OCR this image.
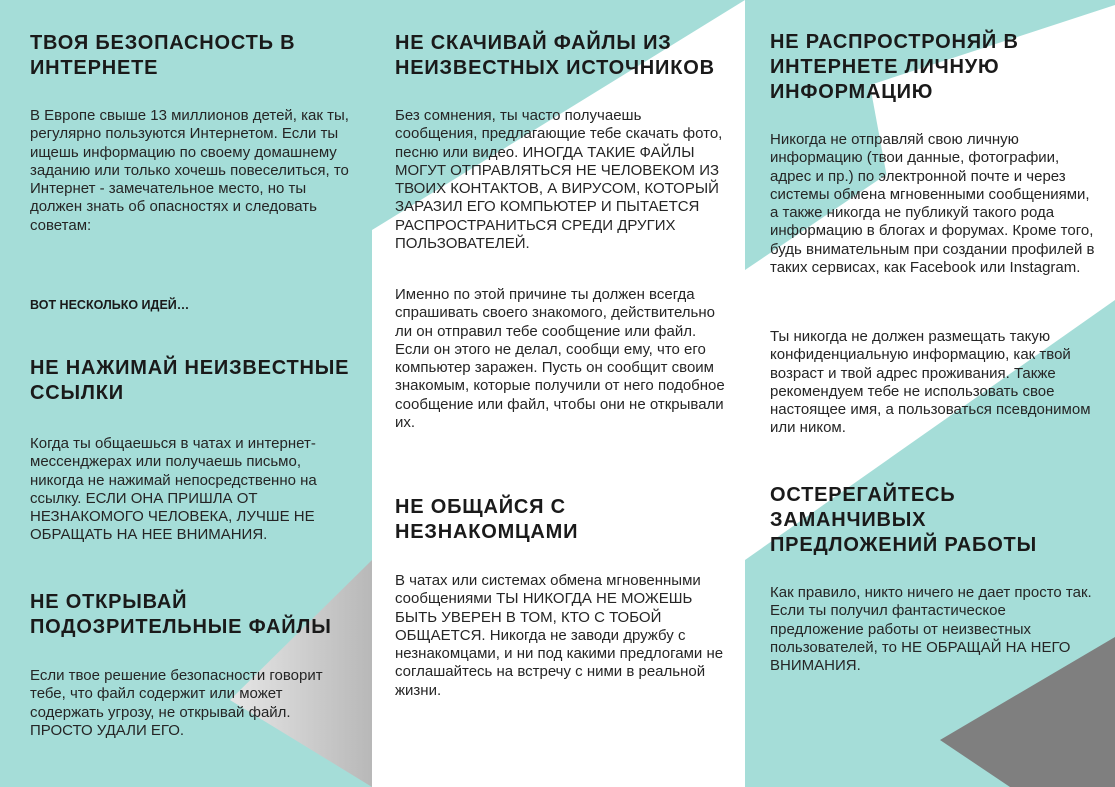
ТВОЯ БЕЗОПАСНОСТЬ В ИНТЕРНЕТЕ

В Европе свыше 13 миллионов детей, как ты, регулярно пользуются Интернетом. Если ты ищешь информацию по своему домашнему заданию или только хочешь повеселиться, то Интернет - замечательное место, но ты должен знать об опасностях и следовать советам:

ВОТ НЕСКОЛЬКО ИДЕЙ…
НЕ НАЖИМАЙ НЕИЗВЕСТНЫЕ ССЫЛКИ

Когда ты общаешься в чатах и интернет-мессенджерах или получаешь письмо, никогда не нажимай непосредственно на ссылку. ЕСЛИ ОНА ПРИШЛА ОТ НЕЗНАКОМОГО ЧЕЛОВЕКА, ЛУЧШЕ НЕ ОБРАЩАТЬ НА НЕЕ ВНИМАНИЯ.

НЕ ОТКРЫВАЙ ПОДОЗРИТЕЛЬНЫЕ ФАЙЛЫ

Если твое решение безопасности говорит тебе, что файл содержит или может содержать угрозу, не открывай файл. ПРОСТО УДАЛИ ЕГО.

НЕ СКАЧИВАЙ ФАЙЛЫ ИЗ НЕИЗВЕСТНЫХ ИСТОЧНИКОВ

Без сомнения, ты часто получаешь сообщения, предлагающие тебе скачать фото, песню или видео. ИНОГДА ТАКИЕ ФАЙЛЫ МОГУТ ОТПРАВЛЯТЬСЯ НЕ ЧЕЛОВЕКОМ ИЗ ТВОИХ КОНТАКТОВ, А ВИРУСОМ, КОТОРЫЙ ЗАРАЗИЛ ЕГО КОМПЬЮТЕР И ПЫТАЕТСЯ РАСПРОСТРАНИТЬСЯ СРЕДИ ДРУГИХ ПОЛЬЗОВАТЕЛЕЙ.

Именно по этой причине ты должен всегда спрашивать своего знакомого, действительно ли он отправил тебе сообщение или файл. Если он этого не делал, сообщи ему, что его компьютер заражен. Пусть он сообщит своим знакомым, которые получили от него подобное сообщение или файл, чтобы они не открывали их.

НЕ ОБЩАЙСЯ С НЕЗНАКОМЦАМИ

В чатах или системах обмена мгновенными сообщениями ТЫ НИКОГДА НЕ МОЖЕШЬ БЫТЬ УВЕРЕН В ТОМ, КТО С ТОБОЙ ОБЩАЕТСЯ. Никогда не заводи дружбу с незнакомцами, и ни под какими предлогами не соглашайтесь на встречу с ними в реальной жизни.

НЕ РАСПРОСТРОНЯЙ В ИНТЕРНЕТЕ ЛИЧНУЮ ИНФОРМАЦИЮ

Никогда не отправляй свою личную информацию (твои данные, фотографии, адрес и пр.) по электронной почте и через системы обмена мгновенными сообщениями, а также никогда не публикуй такого рода информацию в блогах и форумах. Кроме того, будь внимательным при создании профилей в таких сервисах, как Facebook или Instagram.

Ты никогда не должен размещать такую конфиденциальную информацию, как твой возраст и твой адрес проживания. Также рекомендуем тебе не использовать свое настоящее имя, а пользоваться псевдонимом или ником.

ОСТЕРЕГАЙТЕСЬ ЗАМАНЧИВЫХ ПРЕДЛОЖЕНИЙ РАБОТЫ

Как правило, никто ничего не дает просто так. Если ты получил фантастическое предложение работы от неизвестных пользователей, то НЕ ОБРАЩАЙ НА НЕГО ВНИМАНИЯ.
